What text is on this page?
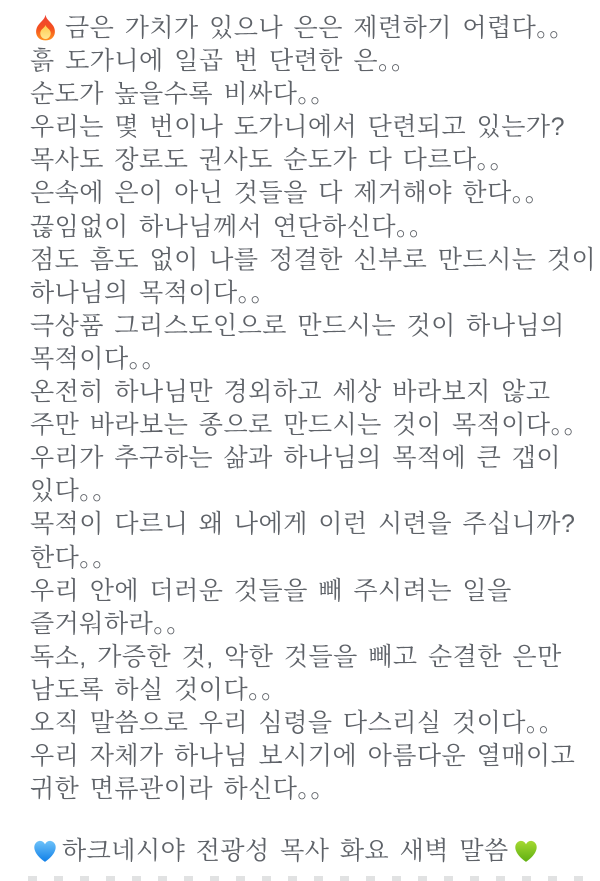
금은 가치가 있으나 은은 제련하기 어렵다。。

흙 도가니에 일곱 번 단련한 은。。

순도가 높을수록 비싸다。。

우리는 몇 번이나 도가니에서 단련되고 있는가?

목사도 장로도 권사도 순도가 다 다르다。。

은속에 은이 아닌 것들을 다 제거해야 한다。。

끊임없이 하나님께서 연단하신다。。

점도 흠도 없이 나를 정결한 신부로 만드시는 것이

하나님의 목적이다。。

극상품 그리스도인으로 만드시는 것이 하나님의

목적이다。。

온전히 하나님만 경외하고 세상 바라보지 않고

주만 바라보는 종으로 만드시는 것이 목적이다。。

우리가 추구하는 삶과 하나님의 목적에 큰 갭이

있다。。

목적이 다르니 왜 나에게 이런 시련을 주십니까?

한다。。

우리 안에 더러운 것들을 빼 주시려는 일을

즐거워하라。。

독소, 가증한 것, 악한 것들을 빼고 순결한 은만

남도록 하실 것이다。。

오직 말씀으로 우리 심령을 다스리실 것이다。。

우리 자체가 하나님 보시기에 아름다운 열매이고

귀한 면류관이라 하신다。。

하크네시야 전광성 목사 화요 새벽 말씀
